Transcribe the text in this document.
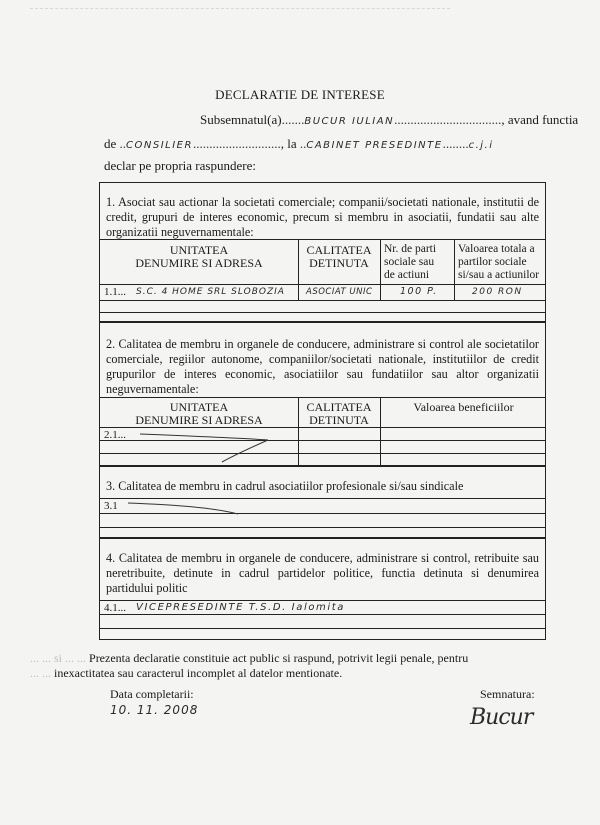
DECLARATIE DE INTERESE
Subsemnatul(a).......BUCUR IULIAN................................., avand functia
de ..CONSILIER..........................., la ..CABINET PRESEDINTE........c.j.i
declar pe propria raspundere:
1. Asociat sau actionar la societati comerciale; companii/societati nationale, institutii de credit, grupuri de interes economic, precum si membru in asociatii, fundatii sau alte organizatii neguvernamentale:
UNITATEA
DENUMIRE SI ADRESA
CALITATEA
DETINUTA
Nr. de parti
sociale sau
de actiuni
Valoarea totala a
partilor sociale
si/sau a actiunilor
1.1... S.C. 4 HOME SRL SLOBOZIA ASOCIAT UNIC	100 P.	200 RON
2. Calitatea de membru in organele de conducere, administrare si control ale societatilor comerciale, regiilor autonome, companiilor/societati nationale, institutiilor de credit grupurilor de interes economic, asociatiilor sau fundatiilor sau altor organizatii neguvernamentale:
UNITATEA
DENUMIRE SI ADRESA
CALITATEA
DETINUTA
Valoarea beneficiilor
2.1...
3. Calitatea de membru in cadrul asociatiilor profesionale si/sau sindicale
3.1
4. Calitatea de membru in organele de conducere, administrare si control, retribuite sau neretribuite, detinute in cadrul partidelor politice, functia detinuta si denumirea partidului politic
4.1... VICEPRESEDINTE T.S.D. Ialomita
... ... si ... ... Prezenta declaratie constituie act public si raspund, potrivit legii penale, pentru
... ... inexactitatea sau caracterul incomplet al datelor mentionate.
Data completarii:
10. 11. 2008
Semnatura:
Bucur
